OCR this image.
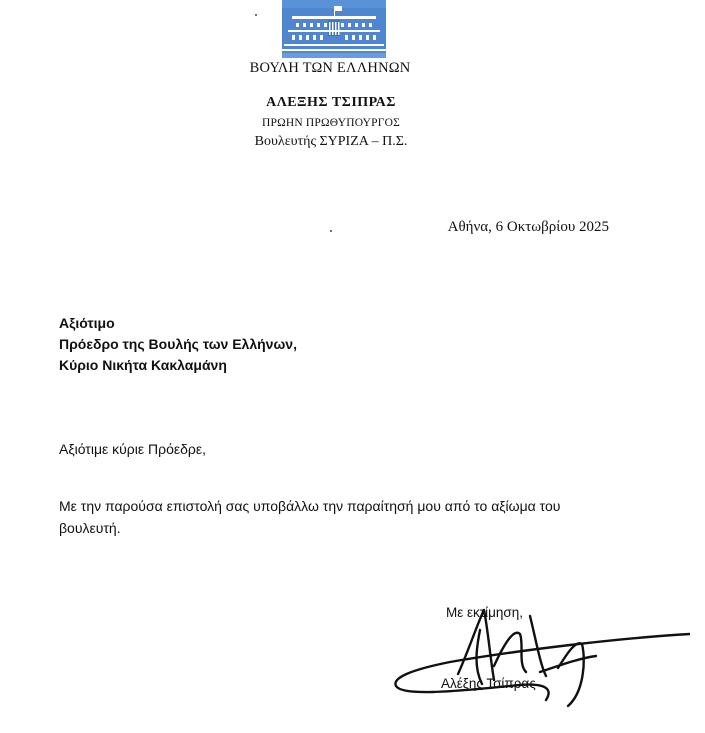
ΒΟΥΛΗ ΤΩΝ ΕΛΛΗΝΩΝ
ΑΛΕΞΗΣ ΤΣΙΠΡΑΣ
ΠΡΩΗΝ ΠΡΩΘΥΠΟΥΡΓΟΣ
Βουλευτής ΣΥΡΙΖΑ – Π.Σ.
Αθήνα, 6 Οκτωβρίου 2025
Αξιότιμο
Πρόεδρο της Βουλής των Ελλήνων,
Κύριο Νικήτα Κακλαμάνη
Αξιότιμε κύριε Πρόεδρε,
Με την παρούσα επιστολή σας υποβάλλω την παραίτησή μου από το αξίωμα του βουλευτή.
Με εκτίμηση,
Αλέξης Τσίπρας
